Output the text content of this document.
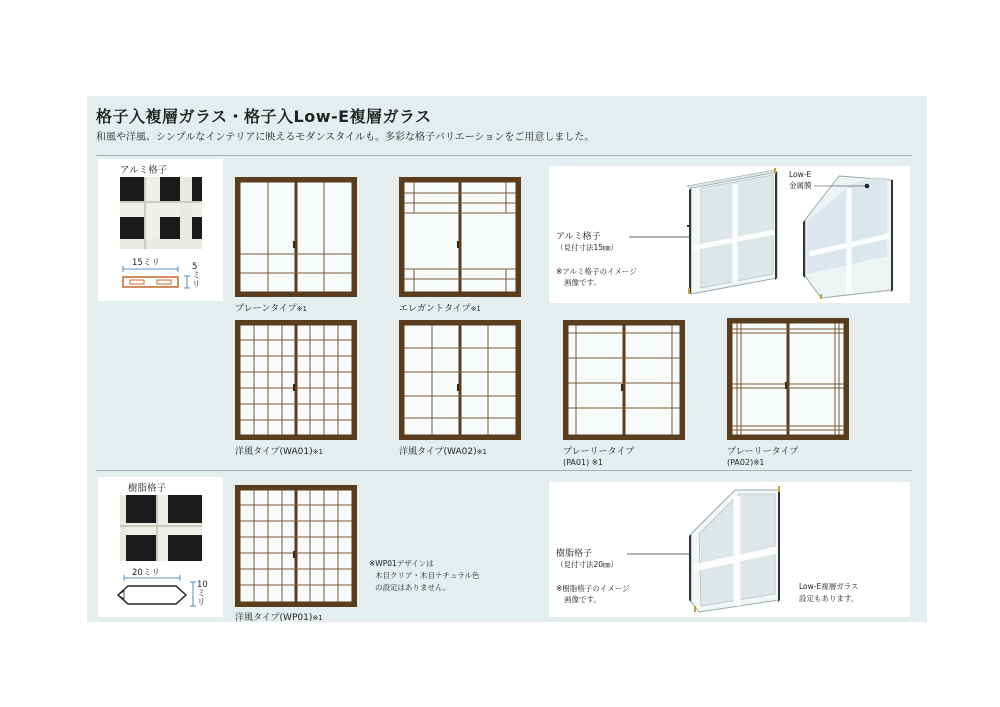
格子入複層ガラス・格子入Low-E複層ガラス
和風や洋風、シンプルなインテリアに映えるモダンスタイルも。多彩な格子バリエーションをご用意しました。
アルミ格子
15ミリ	5ミリ
プレーンタイプ※1	エレガントタイプ※1
洋風タイプ(WA01)※1	洋風タイプ(WA02)※1	プレーリータイプ
(PA01) ※1
プレーリータイプ
(PA02)※1
アルミ格子
（見付寸法15㎜）
※アルミ格子のイメージ
画像です。
Low-E
金属膜
樹脂格子
20ミリ
10ミリ
洋風タイプ(WP01)※1
※WP01デザインは
木目クリア・木目ナチュラル色
の設定はありません。
樹脂格子
（見付寸法20㎜）
※樹脂格子のイメージ
画像です。
Low-E複層ガラス
設定もあります。
